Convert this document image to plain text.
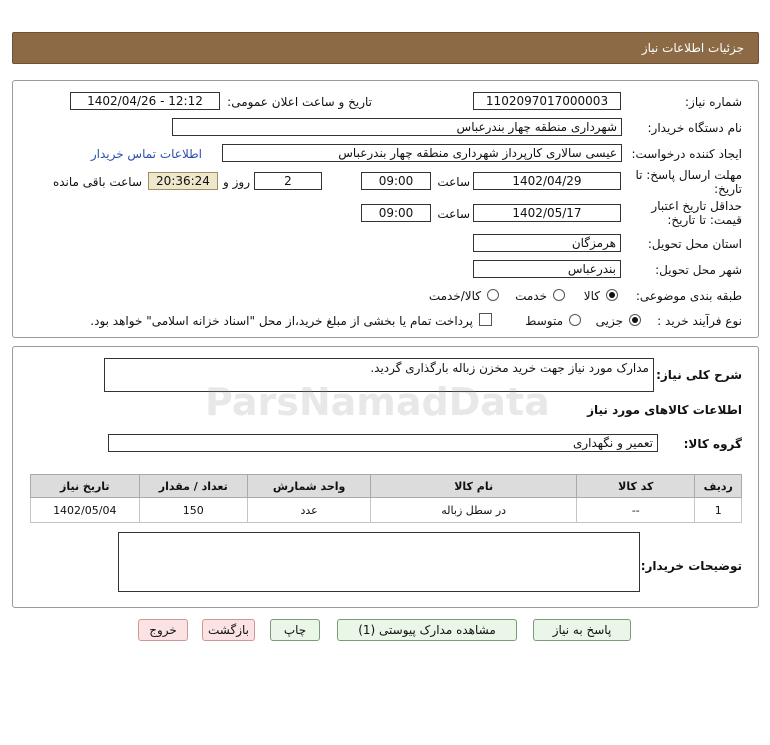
جزئیات اطلاعات نیاز
شماره نیاز:
1102097017000003
تاریخ و ساعت اعلان عمومی:
1402/04/26 - 12:12
نام دستگاه خریدار:
شهرداری منطقه چهار بندرعباس
ایجاد کننده درخواست:
عیسی سالاری کارپرداز شهرداری منطقه چهار بندرعباس
اطلاعات تماس خریدار
مهلت ارسال پاسخ: تا
تاریخ:
1402/04/29
ساعت
09:00
2
روز و
20:36:24
ساعت باقی مانده
حداقل تاریخ اعتبار
قیمت: تا تاریخ:
1402/05/17
ساعت
09:00
استان محل تحویل:
هرمزگان
شهر محل تحویل:
بندرعباس
طبقه بندی موضوعی:
کالا
خدمت
کالا/خدمت
نوع فرآیند خرید :
جزیی
متوسط
پرداخت تمام یا بخشی از مبلغ خرید،از محل "اسناد خزانه اسلامی" خواهد بود.
شرح کلی نیاز:
مدارک مورد نیاز جهت خرید مخزن زباله بارگذاری گردید.
اطلاعات کالاهای مورد نیاز
گروه کالا:
تعمیر و نگهداری
ردیف	کد کالا	نام کالا	واحد شمارش	تعداد / مقدار	تاریخ نیاز
1	--	در سطل زباله	عدد	150	1402/05/04
توضیحات خریدار:
ParsNamadData
پاسخ به نیاز
مشاهده مدارک پیوستی (1)
چاپ
بازگشت
خروج
